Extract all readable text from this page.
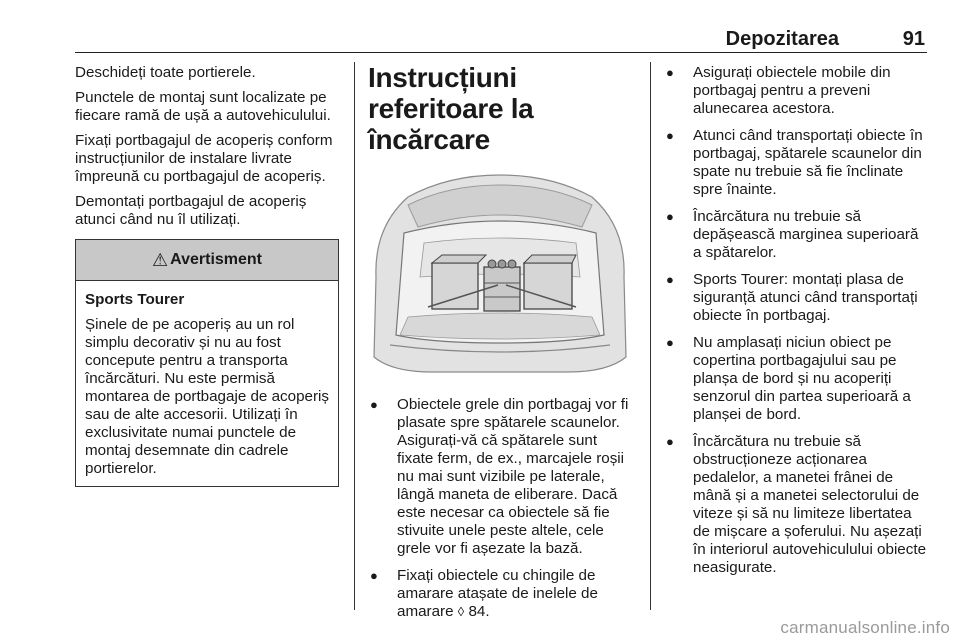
Depozitarea	91

Deschideți toate portierele.

Punctele de montaj sunt localizate pe fiecare ramă de ușă a autovehiculului.

Fixați portbagajul de acoperiș conform instrucțiunilor de instalare livrate împreună cu portbagajul de acoperiș.

Demontați portbagajul de acoperiș atunci când nu îl utilizați.

⚠ Avertisment
Sports Tourer
Șinele de pe acoperiș au un rol simplu decorativ și nu au fost concepute pentru a transporta încărcături. Nu este permisă montarea de portbagaje de acoperiș sau de alte accesorii. Utilizați în exclusivitate numai punctele de montaj desemnate din cadrele portierelor.
Instrucțiuni referitoare la încărcare
● Obiectele grele din portbagaj vor fi plasate spre spătarele scaunelor. Asigurați-vă că spătarele sunt fixate ferm, de ex., marcajele roșii nu mai sunt vizibile pe laterale, lângă maneta de eliberare. Dacă este necesar ca obiectele să fie stivuite unele peste altele, cele grele vor fi așezate la bază.
● Fixați obiectele cu chingile de amarare atașate de inelele de amarare ◊ 84.
● Asigurați obiectele mobile din portbagaj pentru a preveni alunecarea acestora.
● Atunci când transportați obiecte în portbagaj, spătarele scaunelor din spate nu trebuie să fie înclinate spre înainte.
● Încărcătura nu trebuie să depășească marginea superioară a spătarelor.
● Sports Tourer: montați plasa de siguranță atunci când transportați obiecte în portbagaj.
● Nu amplasați niciun obiect pe copertina portbagajului sau pe planșa de bord și nu acoperiți senzorul din partea superioară a planșei de bord.
● Încărcătura nu trebuie să obstrucționeze acționarea pedalelor, a manetei frânei de mână și a manetei selectorului de viteze și să nu limiteze libertatea de mișcare a șoferului. Nu așezați în interiorul autovehiculului obiecte neasigurate.
carmanualsonline.info
